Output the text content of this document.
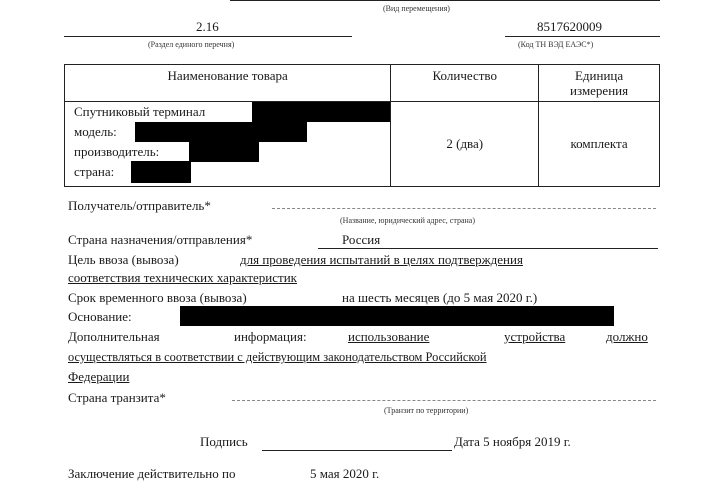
(Вид перемещения)
2.16
(Раздел единого перечня)
8517620009
(Код ТН ВЭД ЕАЭС*)
Наименование товара	Количество	Единица
измерения

Спутниковый терминал
модель:
производитель:
страна:	2 (два)	комплекта
Получатель/отправитель*
(Название, юридический адрес, страна)
Страна назначения/отправления*	Россия
Цель ввоза (вывоза)	для проведения испытаний в целях подтверждения
соответствия технических характеристик
Срок временного ввоза (вывоза)	на шесть месяцев (до 5 мая 2020 г.)
Основание:
Дополнительная	информация:	использование	устройства	должно
осуществляться в соответствии с действующим законодательством Российской
Федерации
Страна транзита*
(Транзит по территории)
Подпись	Дата 5 ноября 2019 г.
Заключение действительно по	5 мая 2020 г.
